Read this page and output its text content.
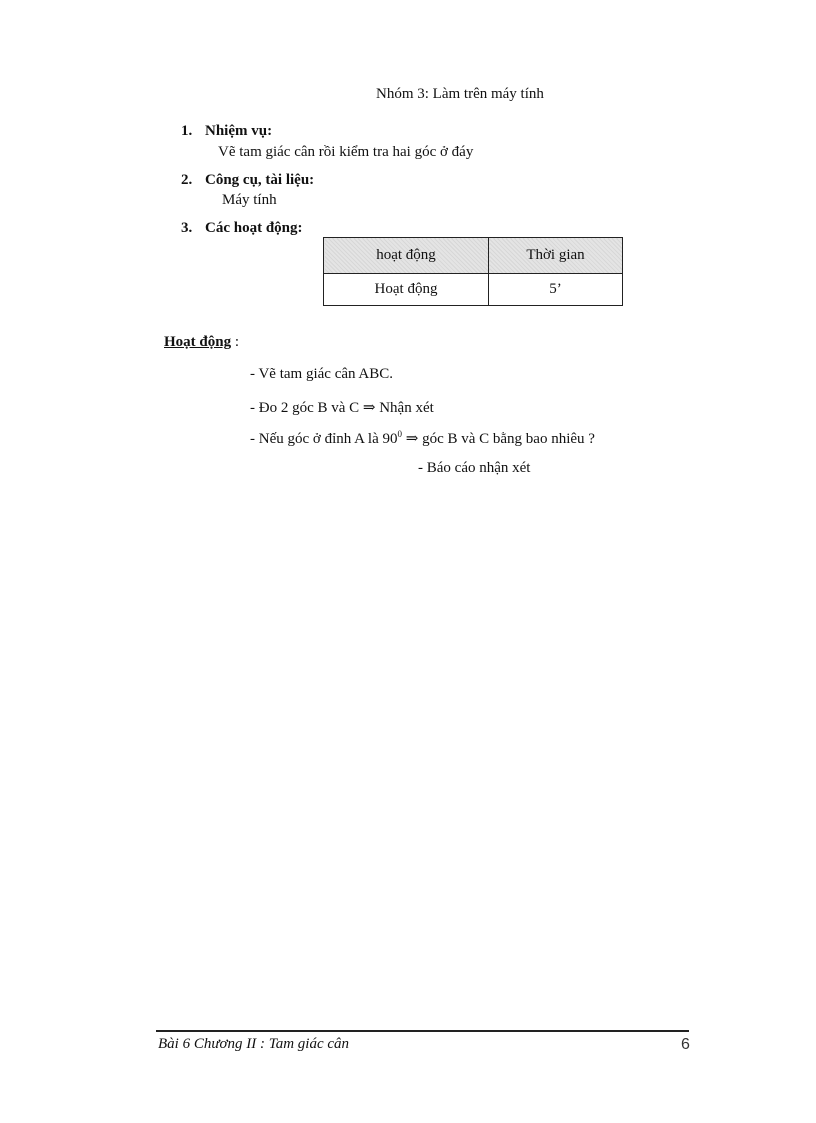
Nhóm 3: Làm trên máy tính
1. Nhiệm vụ:
Vẽ tam giác cân rồi kiểm tra hai góc ở đáy
2. Công cụ, tài liệu:
Máy tính
3. Các hoạt động:
hoạt động	Thời gian
Hoạt động	5’
Hoạt động :
- Vẽ tam giác cân ABC.
- Đo 2 góc B và C ⇒ Nhận xét
- Nếu góc ở đỉnh A là $90^0$ ⇒ góc B và C bằng bao nhiêu ?
- Báo cáo nhận xét
Bài 6 Chương II : Tam giác cân	6
